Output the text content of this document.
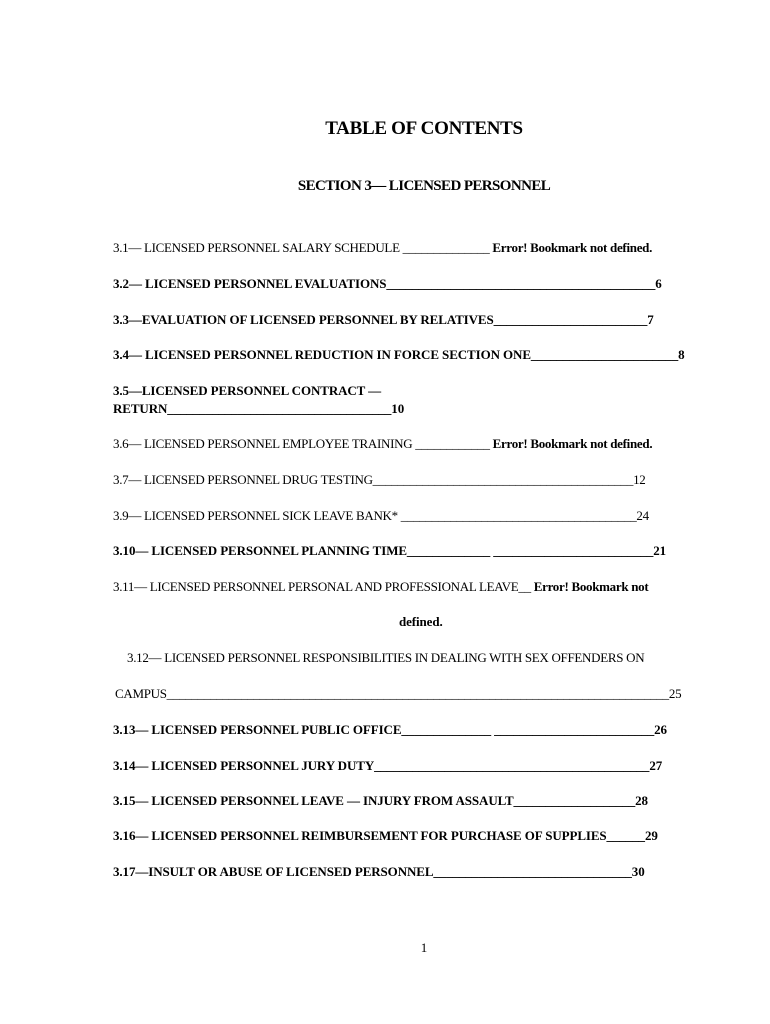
TABLE OF CONTENTS
SECTION 3— LICENSED PERSONNEL
3.1— LICENSED PERSONNEL SALARY SCHEDULE ______________ Error! Bookmark not defined.
3.2— LICENSED PERSONNEL EVALUATIONS__________________________________________6
3.3—EVALUATION OF LICENSED PERSONNEL BY RELATIVES________________________7
3.4— LICENSED PERSONNEL REDUCTION IN FORCE SECTION ONE_______________________8
3.5—LICENSED PERSONNEL CONTRACT —
RETURN___________________________________10
3.6— LICENSED PERSONNEL EMPLOYEE TRAINING ____________ Error! Bookmark not defined.
3.7— LICENSED PERSONNEL DRUG TESTING__________________________________________12
3.9— LICENSED PERSONNEL SICK LEAVE BANK* ______________________________________24
3.10— LICENSED PERSONNEL PLANNING TIME_____________ _________________________21
3.11— LICENSED PERSONNEL PERSONAL AND PROFESSIONAL LEAVE__ Error! Bookmark not
defined.
3.12— LICENSED PERSONNEL RESPONSIBILITIES IN DEALING WITH SEX OFFENDERS ON
CAMPUS_________________________________________________________________________________25
3.13— LICENSED PERSONNEL PUBLIC OFFICE______________ _________________________26
3.14— LICENSED PERSONNEL JURY DUTY___________________________________________27
3.15— LICENSED PERSONNEL LEAVE — INJURY FROM ASSAULT___________________28
3.16— LICENSED PERSONNEL REIMBURSEMENT FOR PURCHASE OF SUPPLIES______29
3.17—INSULT OR ABUSE OF LICENSED PERSONNEL_______________________________30
1
